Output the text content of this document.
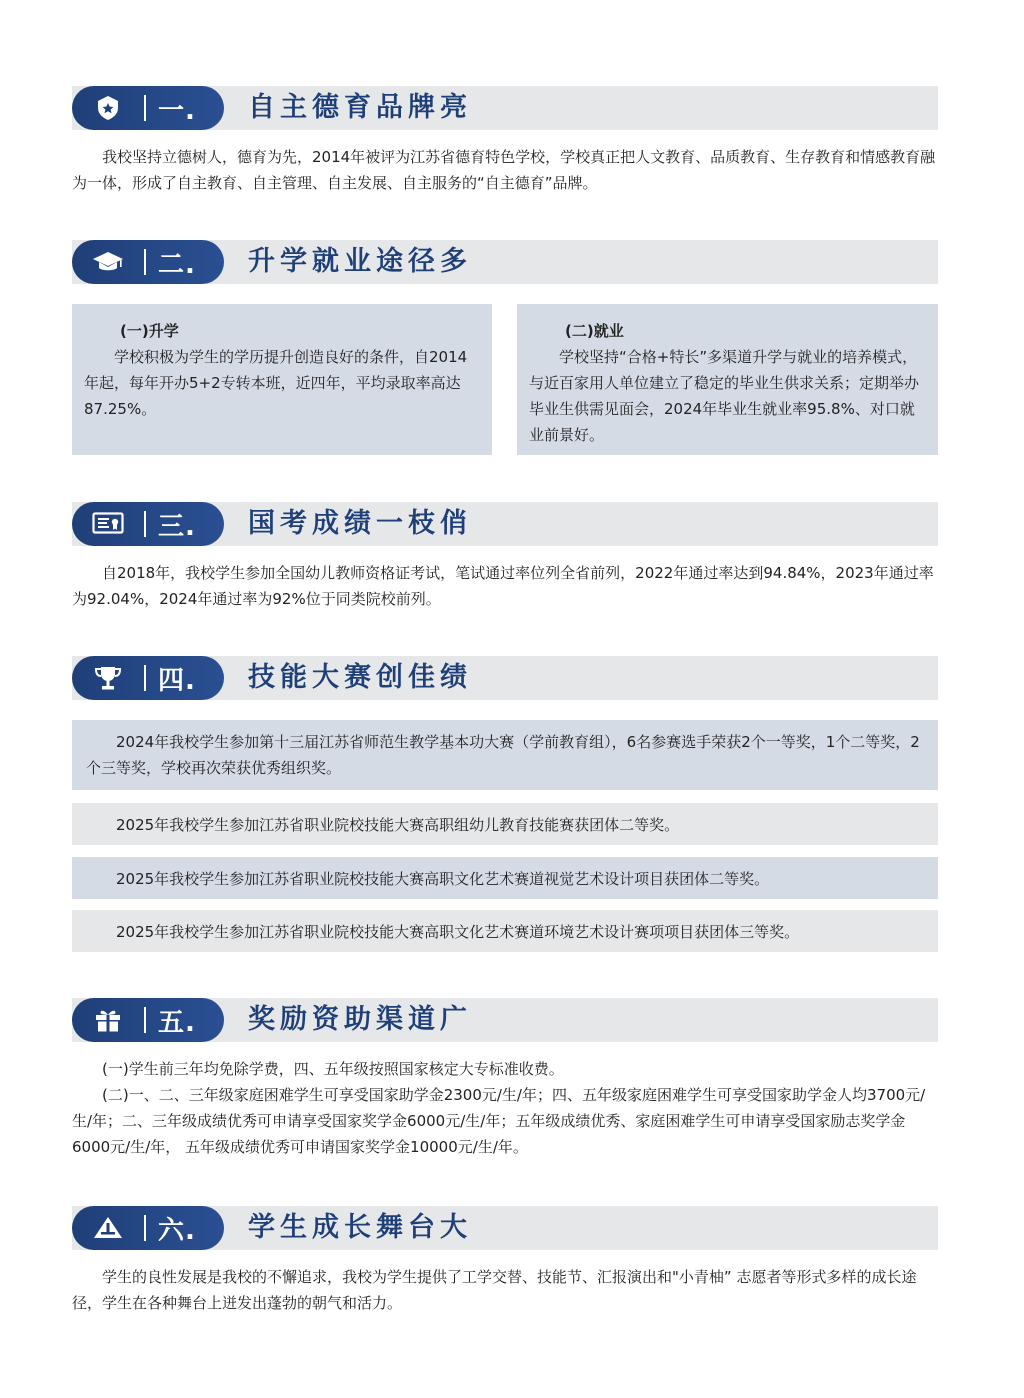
一. 自主德育品牌亮

我校坚持立德树人，德育为先，2014年被评为江苏省德育特色学校，学校真正把人文教育、品质教育、生存教育和情感教育融为一体，形成了自主教育、自主管理、自主发展、自主服务的“自主德育”品牌。

二. 升学就业途径多
(一)升学
学校积极为学生的学历提升创造良好的条件，自2014年起，每年开办5+2专转本班，近四年，平均录取率高达87.25%。
(二)就业
学校坚持“合格+特长”多渠道升学与就业的培养模式，与近百家用人单位建立了稳定的毕业生供求关系；定期举办毕业生供需见面会，2024年毕业生就业率95.8%、对口就业前景好。
三. 国考成绩一枝俏

自2018年，我校学生参加全国幼儿教师资格证考试，笔试通过率位列全省前列，2022年通过率达到94.84%，2023年通过率为92.04%，2024年通过率为92%位于同类院校前列。

四. 技能大赛创佳绩
2024年我校学生参加第十三届江苏省师范生教学基本功大赛（学前教育组），6名参赛选手荣获2个一等奖，1个二等奖，2个三等奖，学校再次荣获优秀组织奖。
2025年我校学生参加江苏省职业院校技能大赛高职组幼儿教育技能赛获团体二等奖。
2025年我校学生参加江苏省职业院校技能大赛高职文化艺术赛道视觉艺术设计项目获团体二等奖。
2025年我校学生参加江苏省职业院校技能大赛高职文化艺术赛道环境艺术设计赛项项目获团体三等奖。
五. 奖励资助渠道广

(一)学生前三年均免除学费，四、五年级按照国家核定大专标准收费。

(二)一、二、三年级家庭困难学生可享受国家助学金2300元/生/年；四、五年级家庭困难学生可享受国家助学金人均3700元/生/年；二、三年级成绩优秀可申请享受国家奖学金6000元/生/年；五年级成绩优秀、家庭困难学生可申请享受国家励志奖学金6000元/生/年， 五年级成绩优秀可申请国家奖学金10000元/生/年。

六. 学生成长舞台大

学生的良性发展是我校的不懈追求，我校为学生提供了工学交替、技能节、汇报演出和"小青柚” 志愿者等形式多样的成长途径，学生在各种舞台上迸发出蓬勃的朝气和活力。
